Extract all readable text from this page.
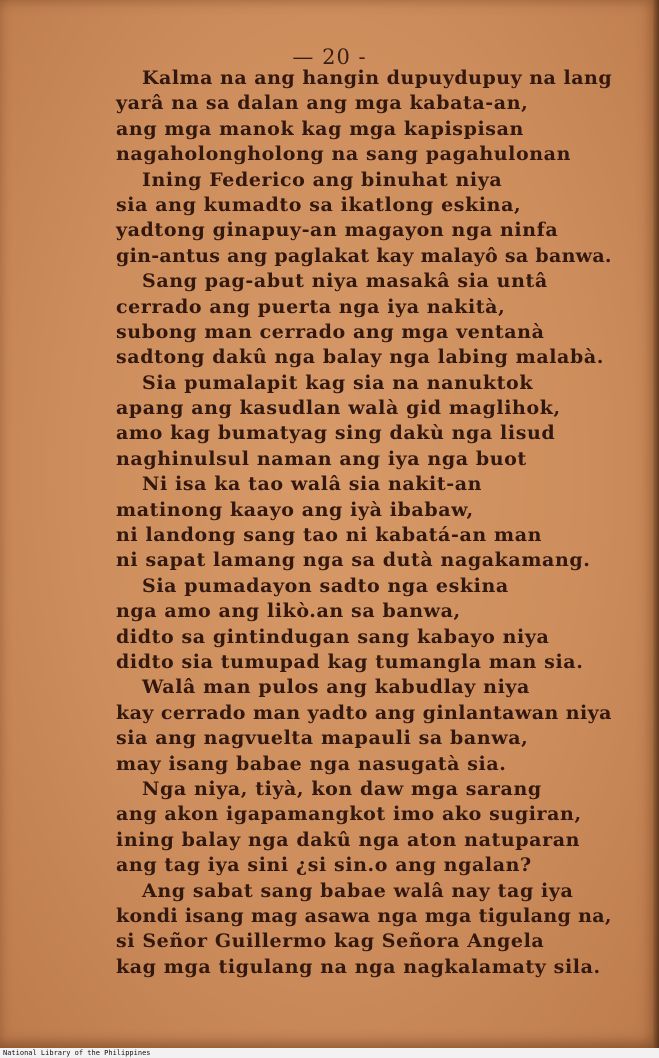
— 20 -
Kalma na ang hangin dupuydupuy na lang
yarâ na sa dalan ang mga kabata-an,
ang mga manok kag mga kapispisan
nagaholongholong na sang pagahulonan
Ining Federico ang binuhat niya
sia ang kumadto sa ikatlong eskina,
yadtong ginapuy-an magayon nga ninfa
gin-antus ang paglakat kay malayô sa banwa.
Sang pag-abut niya masakâ sia untâ
cerrado ang puerta nga iya nakità,
subong man cerrado ang mga ventanà
sadtong dakû nga balay nga labing malabà.
Sia pumalapit kag sia na nanuktok
apang ang kasudlan walà gid maglihok,
amo kag bumatyag sing dakù nga lisud
naghinulsul naman ang iya nga buot
Ni isa ka tao walâ sia nakit-an
matinong kaayo ang iyà ibabaw,
ni landong sang tao ni kabatá-an man
ni sapat lamang nga sa dutà nagakamang.
Sia pumadayon sadto nga eskina
nga amo ang likò.an sa banwa,
didto sa gintindugan sang kabayo niya
didto sia tumupad kag tumangla man sia.
Walâ man pulos ang kabudlay niya
kay cerrado man yadto ang ginlantawan niya
sia ang nagvuelta mapauli sa banwa,
may isang babae nga nasugatà sia.
Nga niya, tiyà, kon daw mga sarang
ang akon igapamangkot imo ako sugiran,
ining balay nga dakû nga aton natuparan
ang tag iya sini ¿si sin.o ang ngalan?
Ang sabat sang babae walâ nay tag iya
kondi isang mag asawa nga mga tigulang na,
si Señor Guillermo kag Señora Angela
kag mga tigulang na nga nagkalamaty sila.
National Library of the Philippines
